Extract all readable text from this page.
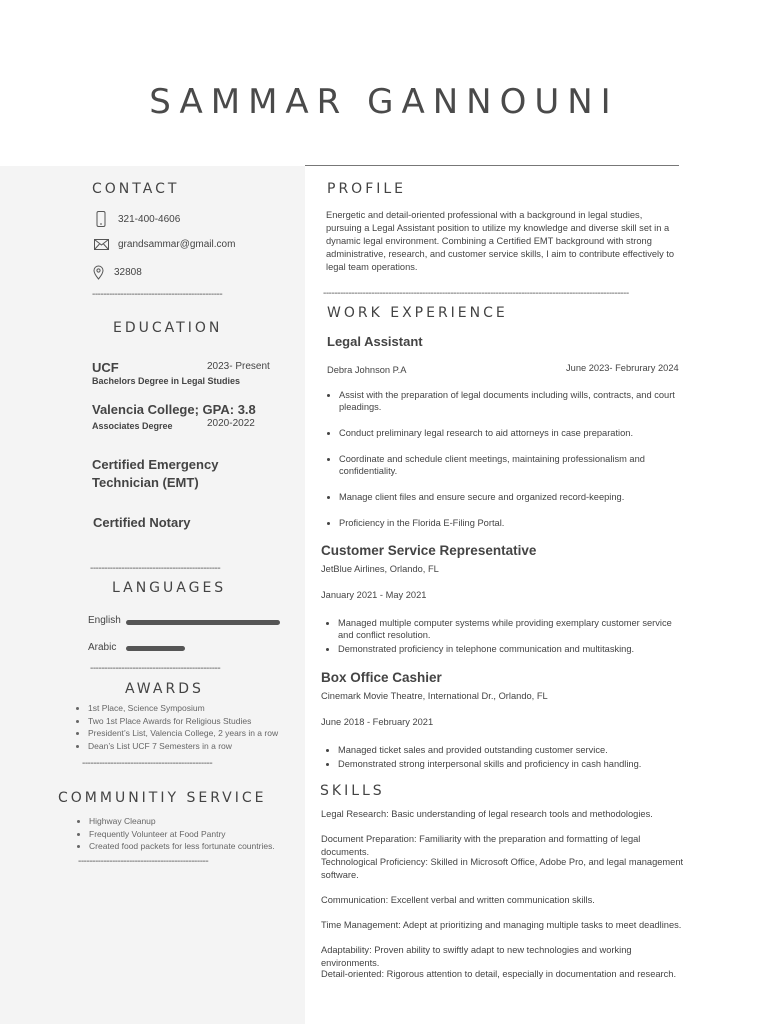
SAMMAR GANNOUNI
CONTACT
321-400-4606
grandsammar@gmail.com
32808
----------------------------------------------
EDUCATION
UCF	2023- Present
Bachelors Degree in Legal Studies
Valencia College; GPA: 3.8
2020-2022
Associates Degree
Certified Emergency
Technician (EMT)
Certified Notary
----------------------------------------------
LANGUAGES
English
Arabic
----------------------------------------------
AWARDS
• 1st Place, Science Symposium
• Two 1st Place Awards for Religious Studies
• President’s List, Valencia College, 2 years in a row
• Dean’s List UCF 7 Semesters in a row
----------------------------------------------
COMMUNITIY SERVICE
• Highway Cleanup
• Frequently Volunteer at Food Pantry
• Created food packets for less fortunate countries.
----------------------------------------------
PROFILE
Energetic and detail-oriented professional with a background in legal studies, pursuing a Legal Assistant position to utilize my knowledge and diverse skill set in a dynamic legal environment. Combining a Certified EMT background with strong administrative, research, and customer service skills, I aim to contribute effectively to legal team operations.
------------------------------------------------------------------------------------------------------------
WORK EXPERIENCE
Legal Assistant
Debra Johnson P.A	June 2023- Februrary 2024
• Assist with the preparation of legal documents including wills, contracts, and court pleadings.
• Conduct preliminary legal research to aid attorneys in case preparation.
• Coordinate and schedule client meetings, maintaining professionalism and confidentiality.
• Manage client files and ensure secure and organized record-keeping.
• Proficiency in the Florida E-Filing Portal.
Customer Service Representative
JetBlue Airlines, Orlando, FL
January 2021 - May 2021
• Managed multiple computer systems while providing exemplary customer service and conflict resolution.
• Demonstrated proficiency in telephone communication and multitasking.
Box Office Cashier
Cinemark Movie Theatre, International Dr., Orlando, FL
June 2018 - February 2021
• Managed ticket sales and provided outstanding customer service.
• Demonstrated strong interpersonal skills and proficiency in cash handling.
SKILLS
Legal Research: Basic understanding of legal research tools and methodologies.
Document Preparation: Familiarity with the preparation and formatting of legal documents.
Technological Proficiency: Skilled in Microsoft Office, Adobe Pro, and legal management software.
Communication: Excellent verbal and written communication skills.
Time Management: Adept at prioritizing and managing multiple tasks to meet deadlines.
Adaptability: Proven ability to swiftly adapt to new technologies and working environments.
Detail-oriented: Rigorous attention to detail, especially in documentation and research.
